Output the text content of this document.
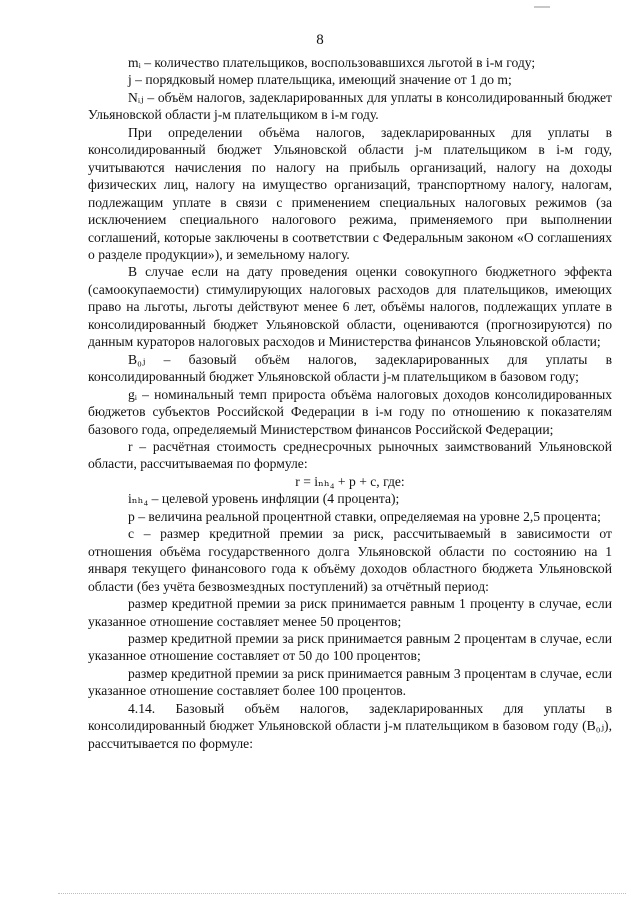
8

mᵢ – количество плательщиков, воспользовавшихся льготой в i-м году;

j – порядковый номер плательщика, имеющий значение от 1 до m;

Nᵢⱼ – объём налогов, задекларированных для уплаты в консолидированный бюджет Ульяновской области j-м плательщиком в i-м году.

При определении объёма налогов, задекларированных для уплаты в консолидированный бюджет Ульяновской области j-м плательщиком в i-м году, учитываются начисления по налогу на прибыль организаций, налогу на доходы физических лиц, налогу на имущество организаций, транспортному налогу, налогам, подлежащим уплате в связи с применением специальных налоговых режимов (за исключением специального налогового режима, применяемого при выполнении соглашений, которые заключены в соответствии с Федеральным законом «О соглашениях о разделе продукции»), и земельному налогу.

В случае если на дату проведения оценки совокупного бюджетного эффекта (самоокупаемости) стимулирующих налоговых расходов для плательщиков, имеющих право на льготы, льготы действуют менее 6 лет, объёмы налогов, подлежащих уплате в консолидированный бюджет Ульяновской области, оцениваются (прогнозируются) по данным кураторов налоговых расходов и Министерства финансов Ульяновской области;

B₀ⱼ – базовый объём налогов, задекларированных для уплаты в консолидированный бюджет Ульяновской области j-м плательщиком в базовом году;

gᵢ – номинальный темп прироста объёма налоговых доходов консолидированных бюджетов субъектов Российской Федерации в i-м году по отношению к показателям базового года, определяемый Министерством финансов Российской Федерации;

r – расчётная стоимость среднесрочных рыночных заимствований Ульяновской области, рассчитываемая по формуле:

r = iₙₕ₄ + p + c, где:

iₙₕ₄ – целевой уровень инфляции (4 процента);

p – величина реальной процентной ставки, определяемая на уровне 2,5 процента;

c – размер кредитной премии за риск, рассчитываемый в зависимости от отношения объёма государственного долга Ульяновской области по состоянию на 1 января текущего финансового года к объёму доходов областного бюджета Ульяновской области (без учёта безвозмездных поступлений) за отчётный период:

размер кредитной премии за риск принимается равным 1 проценту в случае, если указанное отношение составляет менее 50 процентов;

размер кредитной премии за риск принимается равным 2 процентам в случае, если указанное отношение составляет от 50 до 100 процентов;

размер кредитной премии за риск принимается равным 3 процентам в случае, если указанное отношение составляет более 100 процентов.

4.14. Базовый объём налогов, задекларированных для уплаты в консолидированный бюджет Ульяновской области j-м плательщиком в базовом году (B₀ⱼ), рассчитывается по формуле:
